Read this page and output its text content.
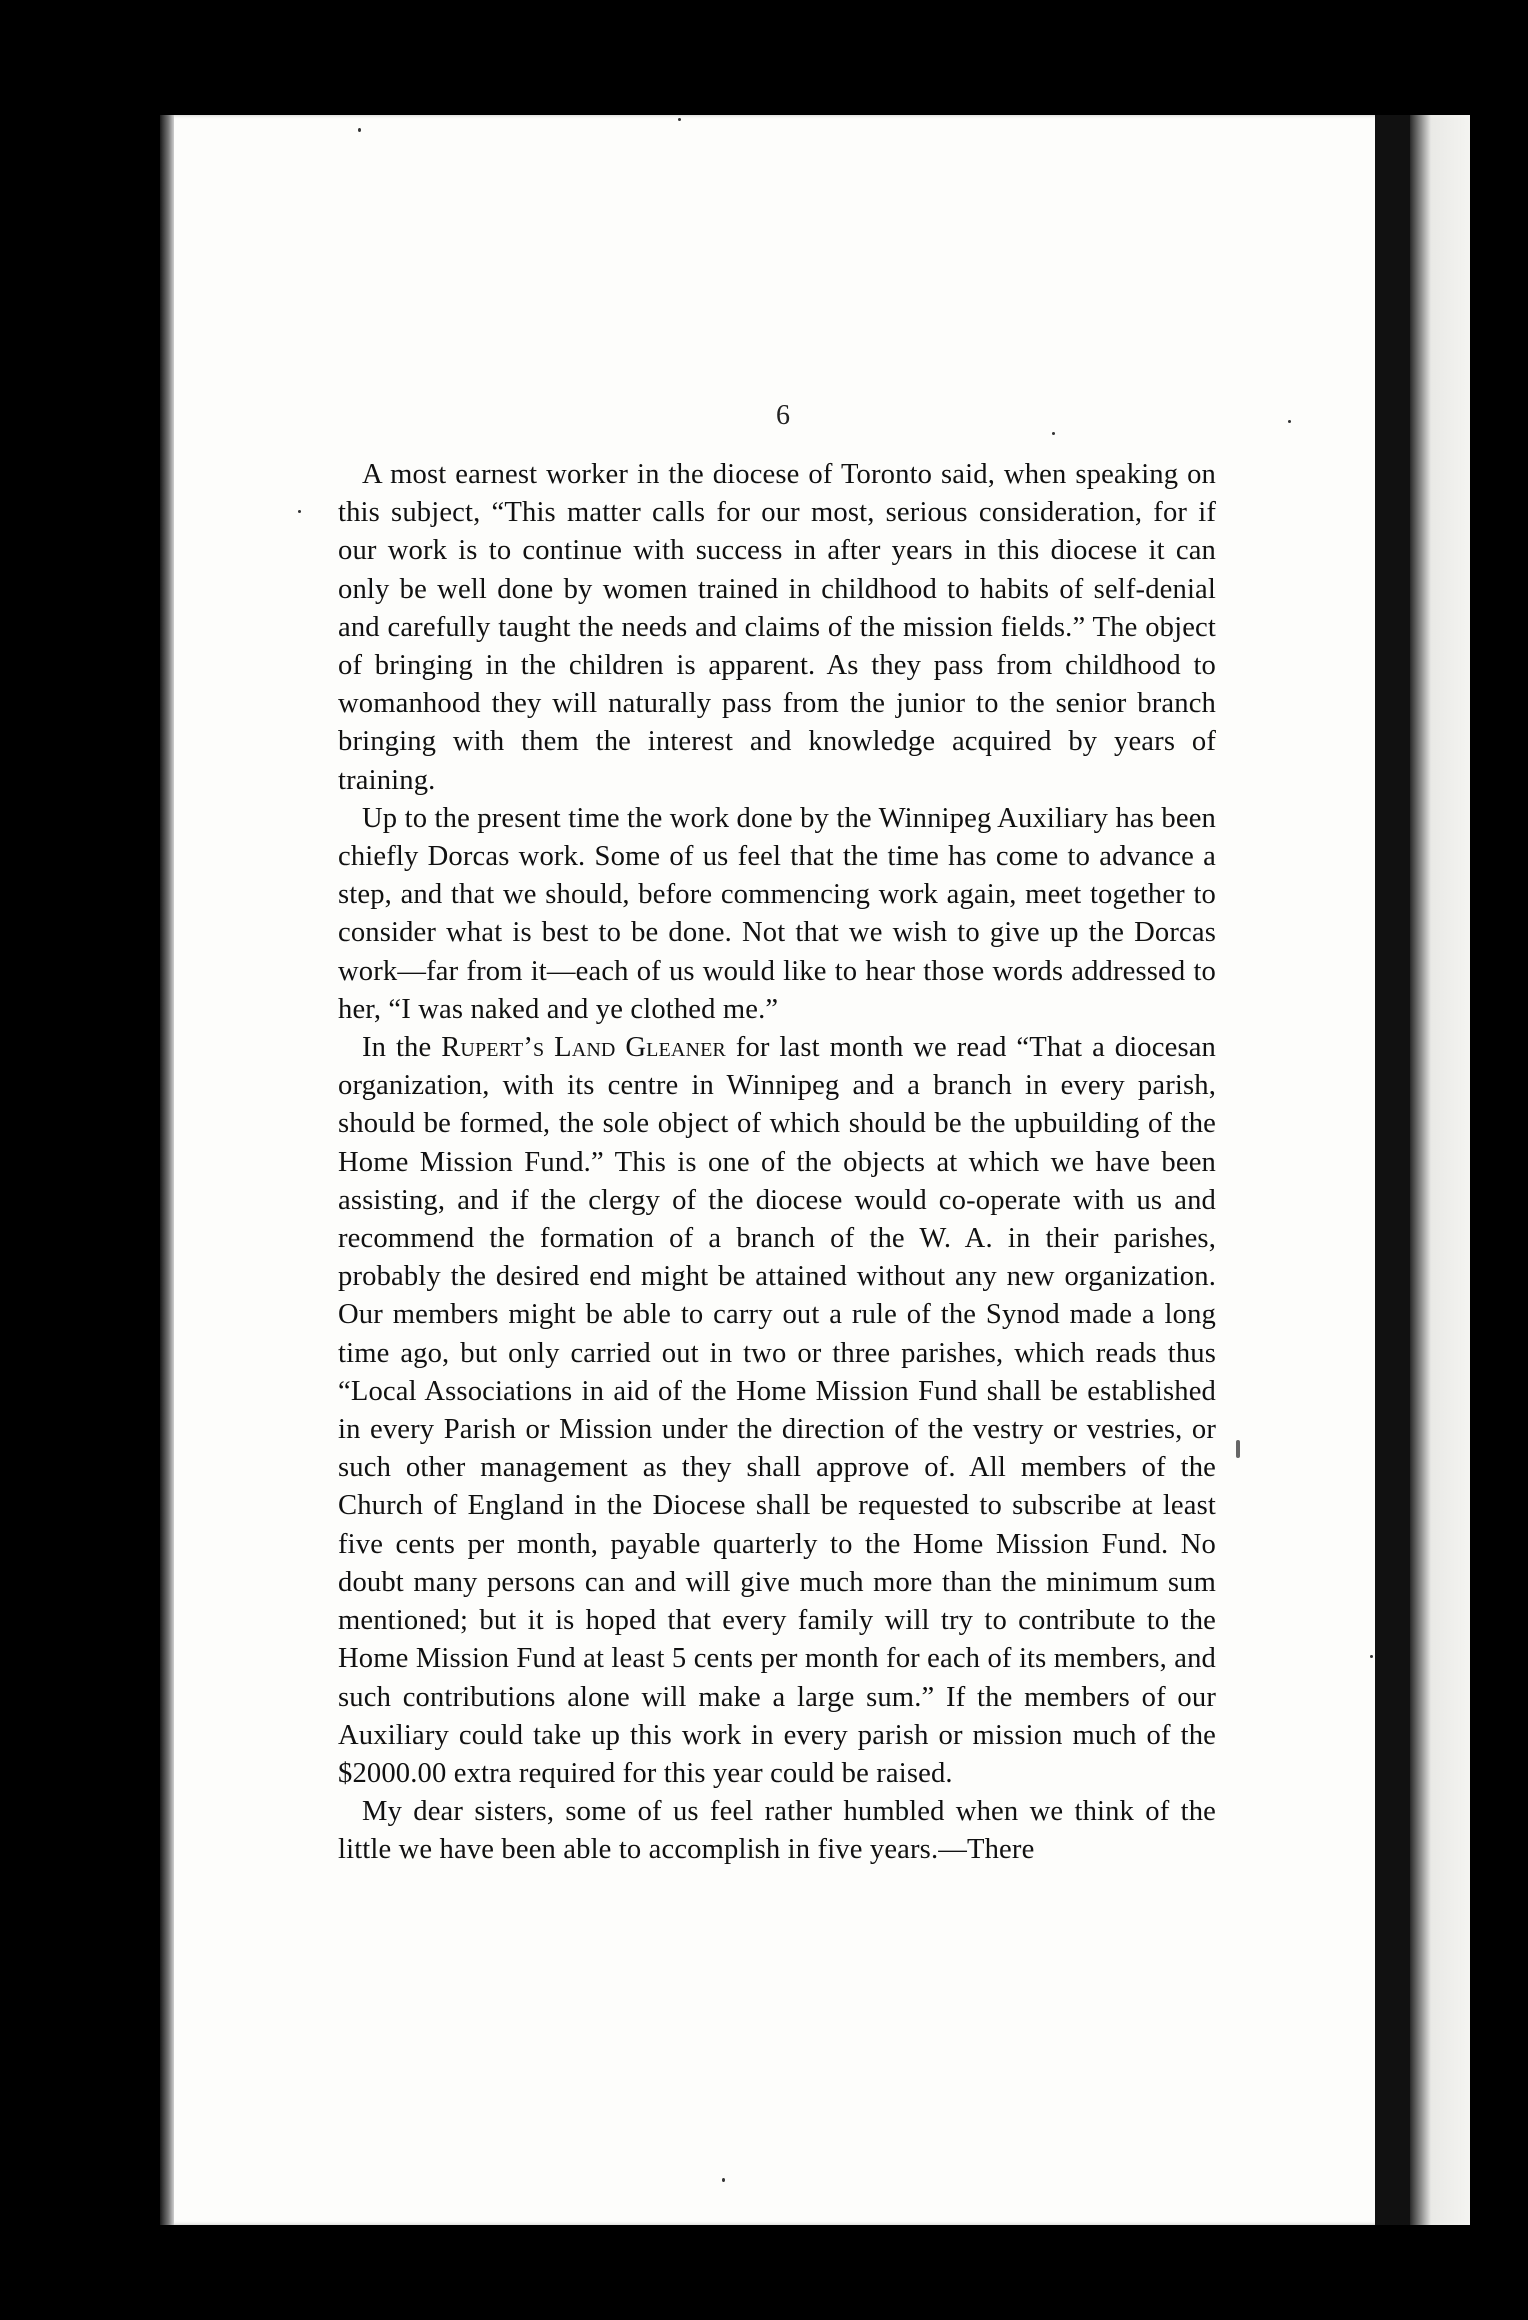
6

A most earnest worker in the diocese of Toronto said, when speaking on this subject, “This matter calls for our most, serious consideration, for if our work is to continue with success in after years in this diocese it can only be well done by women trained in childhood to habits of self-denial and carefully taught the needs and claims of the mission fields.” The object of bringing in the children is apparent. As they pass from childhood to womanhood they will naturally pass from the junior to the senior branch bringing with them the interest and knowledge acquired by years of training.

Up to the present time the work done by the Winnipeg Auxiliary has been chiefly Dorcas work. Some of us feel that the time has come to advance a step, and that we should, before commencing work again, meet together to consider what is best to be done. Not that we wish to give up the Dorcas work—far from it—each of us would like to hear those words addressed to her, “I was naked and ye clothed me.”

In the Rupert’s Land Gleaner for last month we read “That a diocesan organization, with its centre in Winnipeg and a branch in every parish, should be formed, the sole object of which should be the upbuilding of the Home Mission Fund.” This is one of the objects at which we have been assisting, and if the clergy of the diocese would co-operate with us and recommend the formation of a branch of the W. A. in their parishes, probably the desired end might be attained without any new organization. Our members might be able to carry out a rule of the Synod made a long time ago, but only carried out in two or three parishes, which reads thus “Local Associations in aid of the Home Mission Fund shall be established in every Parish or Mission under the direction of the vestry or vestries, or such other management as they shall approve of. All members of the Church of England in the Diocese shall be requested to subscribe at least five cents per month, payable quarterly to the Home Mission Fund. No doubt many persons can and will give much more than the minimum sum mentioned; but it is hoped that every family will try to contribute to the Home Mission Fund at least 5 cents per month for each of its members, and such contributions alone will make a large sum.” If the members of our Auxiliary could take up this work in every parish or mission much of the $2000.00 extra required for this year could be raised.

My dear sisters, some of us feel rather humbled when we think of the little we have been able to accomplish in five years.—There
